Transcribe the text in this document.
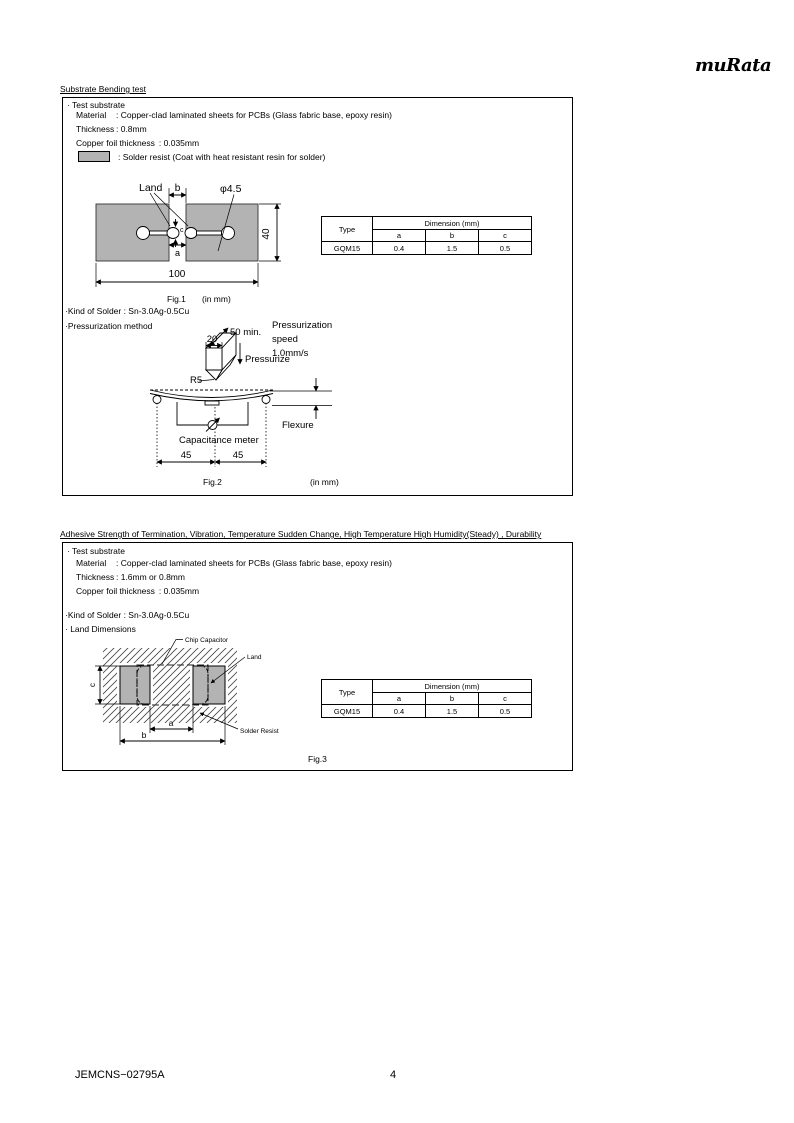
muRata
Substrate Bending test
· Test substrate
Material : Copper-clad laminated sheets for PCBs (Glass fabric base, epoxy resin)
Thickness : 0.8mm
Copper foil thickness : 0.035mm
: Solder resist (Coat with heat resistant resin for solder)
Land	φ4.5
b
c
a
40
100
Fig.1 (in mm)
Type	Dimension (mm)		
	a	b	c
GQM15	0.4	1.5	0.5
·Kind of Solder : Sn-3.0Ag-0.5Cu
·Pressurization method
20
50 min.
Pressurization
speed
1.0mm/s
Pressurize
R5
45	45
Capacitance meter
Flexure
Fig.2	(in mm)
Adhesive Strength of Termination, Vibration, Temperature Sudden Change, High Temperature High Humidity(Steady) , Durability
· Test substrate
Material : Copper-clad laminated sheets for PCBs (Glass fabric base, epoxy resin)
Thickness : 1.6mm or 0.8mm
Copper foil thickness : 0.035mm
·Kind of Solder : Sn-3.0Ag-0.5Cu
· Land Dimensions
c
a
b
Chip Capacitor
Land
Solder Resist
Type	Dimension (mm)		
	a	b	c
GQM15	0.4	1.5	0.5
Fig.3
JEMCNS−02795A	4
